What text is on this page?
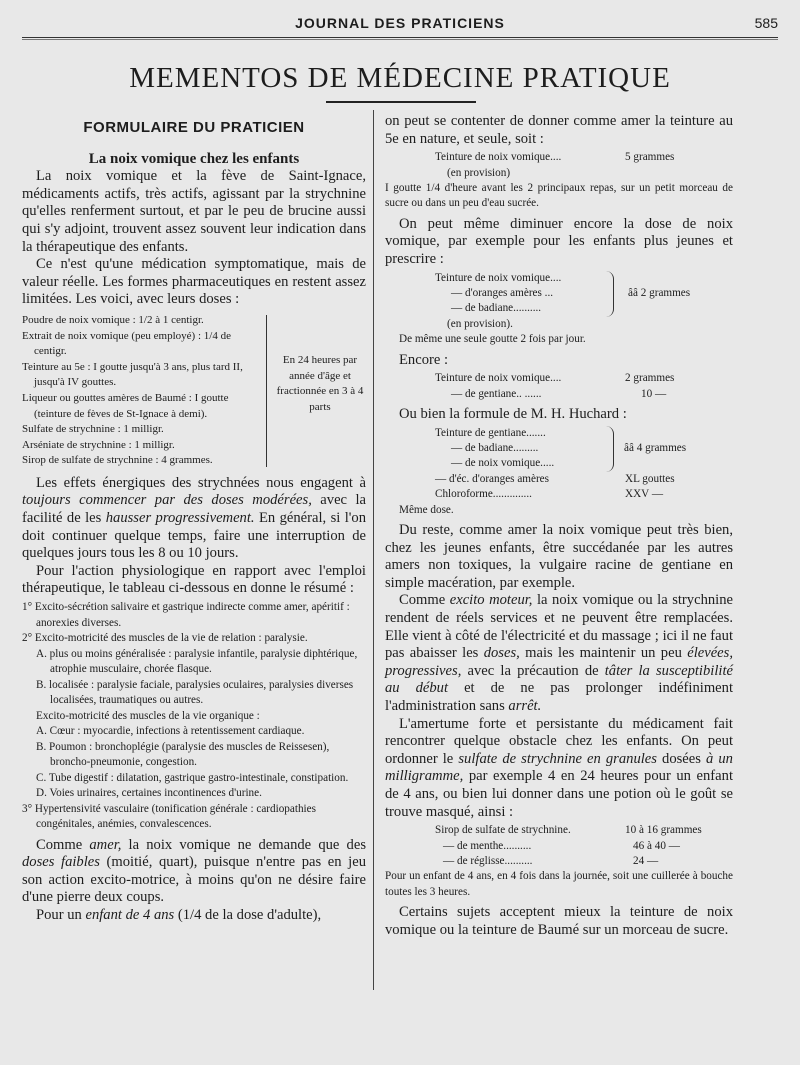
JOURNAL DES PRATICIENS	585
MEMENTOS DE MÉDECINE PRATIQUE
FORMULAIRE DU PRATICIEN
La noix vomique chez les enfants

La noix vomique et la fève de Saint-Ignace, médicaments actifs, très actifs, agissant par la strychnine qu'elles renferment surtout, et par le peu de brucine aussi qui s'y adjoint, trouvent assez souvent leur indication dans la thérapeutique des enfants.

Ce n'est qu'une médication symptomatique, mais de valeur réelle. Les formes pharmaceutiques en restent assez limitées. Les voici, avec leurs doses :

Poudre de noix vomique : 1/2 à 1 centigr.
Extrait de noix vomique (peu employé) : 1/4 de centigr.
Teinture au 5e : I goutte jusqu'à 3 ans, plus tard II, jusqu'à IV gouttes.
Liqueur ou gouttes amères de Baumé : I goutte (teinture de fèves de St-Ignace à demi).
Sulfate de strychnine : 1 milligr.
Arséniate de strychnine : 1 milligr.
Sirop de sulfate de strychnine : 4 grammes.
En 24 heures par année d'âge et fractionnée en 3 à 4 parts

Les effets énergiques des strychnées nous engagent à toujours commencer par des doses modérées, avec la facilité de les hausser progressivement. En général, si l'on doit continuer quelque temps, faire une interruption de quelques jours tous les 8 ou 10 jours.

Pour l'action physiologique en rapport avec l'emploi thérapeutique, le tableau ci-dessous en donne le résumé :

1° Excito-sécrétion salivaire et gastrique indirecte comme amer, apéritif : anorexies diverses.
2° Excito-motricité des muscles de la vie de relation : paralysie.
A. plus ou moins généralisée : paralysie infantile, paralysie diphtérique, atrophie musculaire, chorée flasque.
B. localisée : paralysie faciale, paralysies oculaires, paralysies diverses localisées, traumatiques ou autres.
Excito-motricité des muscles de la vie organique :
A. Cœur : myocardie, infections à retentissement cardiaque.
B. Poumon : bronchoplégie (paralysie des muscles de Reissesen), broncho-pneumonie, congestion.
C. Tube digestif : dilatation, gastrique gastro-intestinale, constipation.
D. Voies urinaires, certaines incontinences d'urine.
3° Hypertensivité vasculaire (tonification générale : cardiopathies congénitales, anémies, convalescences.

Comme amer, la noix vomique ne demande que des doses faibles (moitié, quart), puisque n'entre pas en jeu son action excito-motrice, à moins qu'on ne désire faire d'une pierre deux coups.

Pour un enfant de 4 ans (1/4 de la dose d'adulte),

on peut se contenter de donner comme amer la teinture au 5e en nature, et seule, soit :

Teinture de noix vomique....	5 grammes
(en provision)
I goutte 1/4 d'heure avant les 2 principaux repas, sur un petit morceau de sucre ou dans un peu d'eau sucrée.

On peut même diminuer encore la dose de noix vomique, par exemple pour les enfants plus jeunes et prescrire :

Teinture de noix vomique....
— d'oranges amères ...
— de badiane..........
ââ 2 grammes
(en provision).
De même une seule goutte 2 fois par jour.

Encore :

Teinture de noix vomique....	2 grammes
— de gentiane.. ......	10 —

Ou bien la formule de M. H. Huchard :

Teinture de gentiane.......
— de badiane.........
— de noix vomique.....
ââ 4 grammes
— d'éc. d'oranges amères	XL gouttes
Chloroforme..............	XXV —
Même dose.

Du reste, comme amer la noix vomique peut très bien, chez les jeunes enfants, être succédanée par les autres amers non toxiques, la vulgaire racine de gentiane en simple macération, par exemple.

Comme excito moteur, la noix vomique ou la strychnine rendent de réels services et ne peuvent être remplacées. Elle vient à côté de l'électricité et du massage ; ici il ne faut pas abaisser les doses, mais les maintenir un peu élevées, progressives, avec la précaution de tâter la susceptibilité au début et de ne pas prolonger indéfiniment l'administration sans arrêt.

L'amertume forte et persistante du médicament fait rencontrer quelque obstacle chez les enfants. On peut ordonner le sulfate de strychnine en granules dosées à un milligramme, par exemple 4 en 24 heures pour un enfant de 4 ans, ou bien lui donner dans une potion où le goût se trouve masqué, ainsi :

Sirop de sulfate de strychnine.	10 à 16 grammes
— de menthe..........	46 à 40 —
— de réglisse..........	24 —
Pour un enfant de 4 ans, en 4 fois dans la journée, soit une cuillerée à bouche toutes les 3 heures.

Certains sujets acceptent mieux la teinture de noix vomique ou la teinture de Baumé sur un morceau de sucre.
